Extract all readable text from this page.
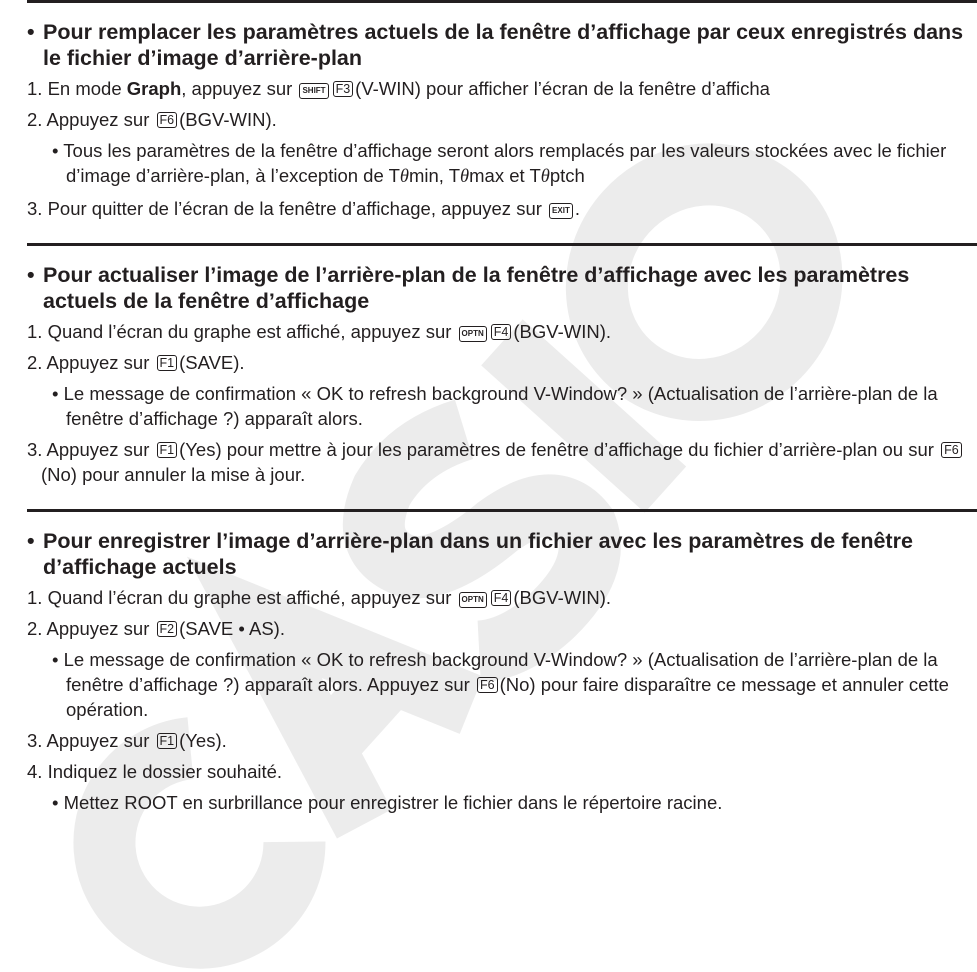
• Pour remplacer les paramètres actuels de la fenêtre d’affichage par ceux enregistrés dans le fichier d’image d’arrière-plan
1. En mode Graph, appuyez sur SHIFT F3 (V-WIN) pour afficher l’écran de la fenêtre d’afficha
2. Appuyez sur F6 (BGV-WIN).
• Tous les paramètres de la fenêtre d’affichage seront alors remplacés par les valeurs stockées avec le fichier d’image d’arrière-plan, à l’exception de Tθmin, Tθmax et Tθptch
3. Pour quitter de l’écran de la fenêtre d’affichage, appuyez sur EXIT .
• Pour actualiser l’image de l’arrière-plan de la fenêtre d’affichage avec les paramètres actuels de la fenêtre d’affichage
1. Quand l’écran du graphe est affiché, appuyez sur OPTN F4 (BGV-WIN).
2. Appuyez sur F1 (SAVE).
• Le message de confirmation « OK to refresh background V-Window? » (Actualisation de l’arrière-plan de la fenêtre d’affichage ?) apparaît alors.
3. Appuyez sur F1 (Yes) pour mettre à jour les paramètres de fenêtre d’affichage du fichier d’arrière-plan ou sur F6(No) pour annuler la mise à jour.
• Pour enregistrer l’image d’arrière-plan dans un fichier avec les paramètres de fenêtre d’affichage actuels
1. Quand l’écran du graphe est affiché, appuyez sur OPTN F4 (BGV-WIN).
2. Appuyez sur F2 (SAVE • AS).
• Le message de confirmation « OK to refresh background V-Window? » (Actualisation de l’arrière-plan de la fenêtre d’affichage ?) apparaît alors. Appuyez sur F6 (No) pour faire disparaître ce message et annuler cette opération.
3. Appuyez sur F1 (Yes).
4. Indiquez le dossier souhaité.
• Mettez ROOT en surbrillance pour enregistrer le fichier dans le répertoire racine.
